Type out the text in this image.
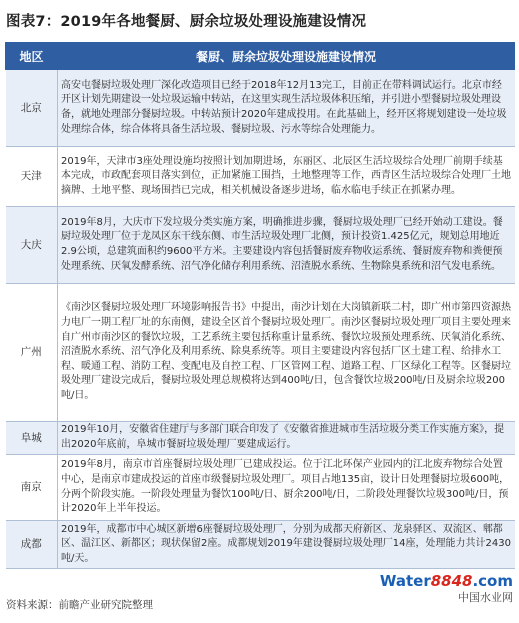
图表7：2019年各地餐厨、厨余垃圾处理设施建设情况
地区	餐厨、厨余垃圾处理设施建设情况
北京	高安屯餐厨垃圾处理厂深化改造项目已经于2018年12月13完工，目前正在带料调试运行。北京市经开区计划先期建设一处垃圾运输中转站，在这里实现生活垃圾体积压缩，并引进小型餐厨垃圾处理设备，就地处理部分餐厨垃圾。中转站预计2020年建成投用。在此基础上，经开区将规划建设一处垃圾处理综合体，综合体将具备生活垃圾、餐厨垃圾、污水等综合处理能力。
天津	2019年，天津市3座处理设施均按照计划加期进场，东丽区、北辰区生活垃圾综合处理厂前期手续基本完成，市政配套项目落实到位，正加紧施工围挡，土地整理等工作，西青区生活垃圾综合处理厂土地摘牌、土地平整、现场围挡已完成，相关机械设备逐步进场，临水临电手续正在抓紧办理。
大庆	2019年8月，大庆市下发垃圾分类实施方案，明确推进步骤，餐厨垃圾处理厂已经开始动工建设。餐厨垃圾处理厂位于龙凤区东干线东侧、市生活垃圾处理厂北侧，预计投资1.425亿元，规划总用地近2.9公顷，总建筑面积约9600平方米。主要建设内容包括餐厨废弃物收运系统、餐厨废弃物和粪便预处理系统、厌氧发酵系统、沼气净化储存利用系统、沼渣脱水系统、生物除臭系统和沼气发电系统。
广州	《南沙区餐厨垃圾处理厂环境影响报告书》中提出，南沙计划在大岗镇新联二村，即广州市第四资源热力电厂一期工程厂址的东南侧，建设全区首个餐厨垃圾处理厂。南沙区餐厨垃圾处理厂项目主要处理来自广州市南沙区的餐饮垃圾，工艺系统主要包括称重计量系统、餐饮垃圾预处理系统、厌氧消化系统、沼渣脱水系统、沼气净化及利用系统、除臭系统等。项目主要建设内容包括厂区土建工程、给排水工程、暖通工程、消防工程、变配电及自控工程、厂区管网工程、道路工程、厂区绿化工程等。区餐厨垃圾处理厂建设完成后，餐厨垃圾处理总规模将达到400吨/日，包含餐饮垃圾200吨/日及厨余垃圾200吨/日。
阜城	2019年10月，安徽省住建厅与多部门联合印发了《安徽省推进城市生活垃圾分类工作实施方案》，提出2020年底前，阜城市餐厨垃圾处理厂要建成运行。
南京	2019年8月，南京市首座餐厨垃圾处理厂已建成投运。位于江北环保产业园内的江北废弃物综合处置中心，是南京市建成投运的首座市级餐厨垃圾处理厂。项目占地135亩，设计日处理餐厨垃圾600吨，分两个阶段实施。一阶段处理量为餐饮100吨/日、厨余200吨/日，二阶段处理餐饮垃圾300吨/日，预计2020年上半年投运。
成都	2019年，成都市中心城区新增6座餐厨垃圾处理厂，分别为成都天府新区、龙泉驿区、双流区、郫都区、温江区、新都区；现状保留2座。成都规划2019年建设餐厨垃圾处理厂14座，处理能力共计2430吨/天。
资料来源：前瞻产业研究院整理
Water8848.com
中国水业网
